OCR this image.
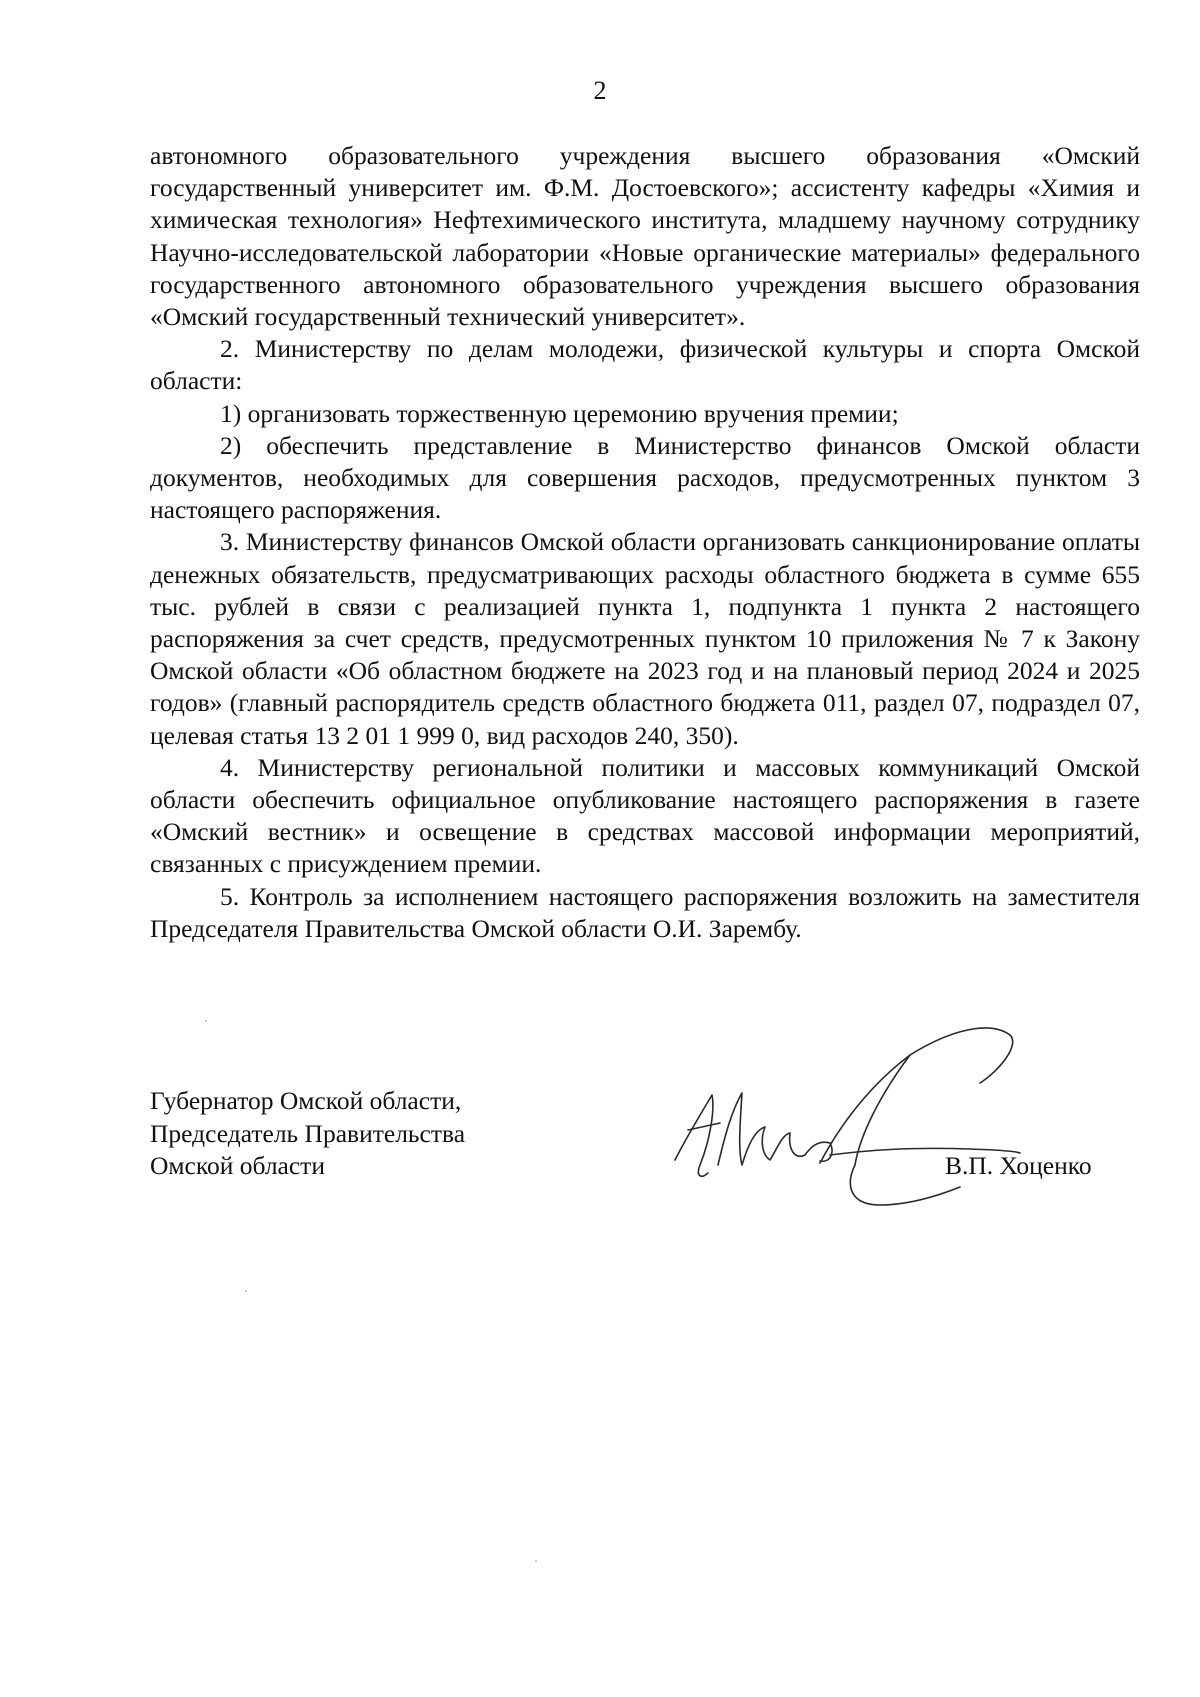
2

автономного образовательного учреждения высшего образования «Омский государственный университет им. Ф.М. Достоевского»; ассистенту кафедры «Химия и химическая технология» Нефтехимического института, младшему научному сотруднику Научно-исследовательской лаборатории «Новые органические материалы» федерального государственного автономного образовательного учреждения высшего образования «Омский государственный технический университет».

2. Министерству по делам молодежи, физической культуры и спорта Омской области:

1) организовать торжественную церемонию вручения премии;

2) обеспечить представление в Министерство финансов Омской области документов, необходимых для совершения расходов, предусмотренных пунктом 3 настоящего распоряжения.

3. Министерству финансов Омской области организовать санкционирование оплаты денежных обязательств, предусматривающих расходы областного бюджета в сумме 655 тыс. рублей в связи с реализацией пункта 1, подпункта 1 пункта 2 настоящего распоряжения за счет средств, предусмотренных пунктом 10 приложения № 7 к Закону Омской области «Об областном бюджете на 2023 год и на плановый период 2024 и 2025 годов» (главный распорядитель средств областного бюджета 011, раздел 07, подраздел 07, целевая статья 13 2 01 1 999 0, вид расходов 240, 350).

4. Министерству региональной политики и массовых коммуникаций Омской области обеспечить официальное опубликование настоящего распоряжения в газете «Омский вестник» и освещение в средствах массовой информации мероприятий, связанных с присуждением премии.

5. Контроль за исполнением настоящего распоряжения возложить на заместителя Председателя Правительства Омской области О.И. Зарембу.

Губернатор Омской области,
Председатель Правительства
Омской области	В.П. Хоценко
